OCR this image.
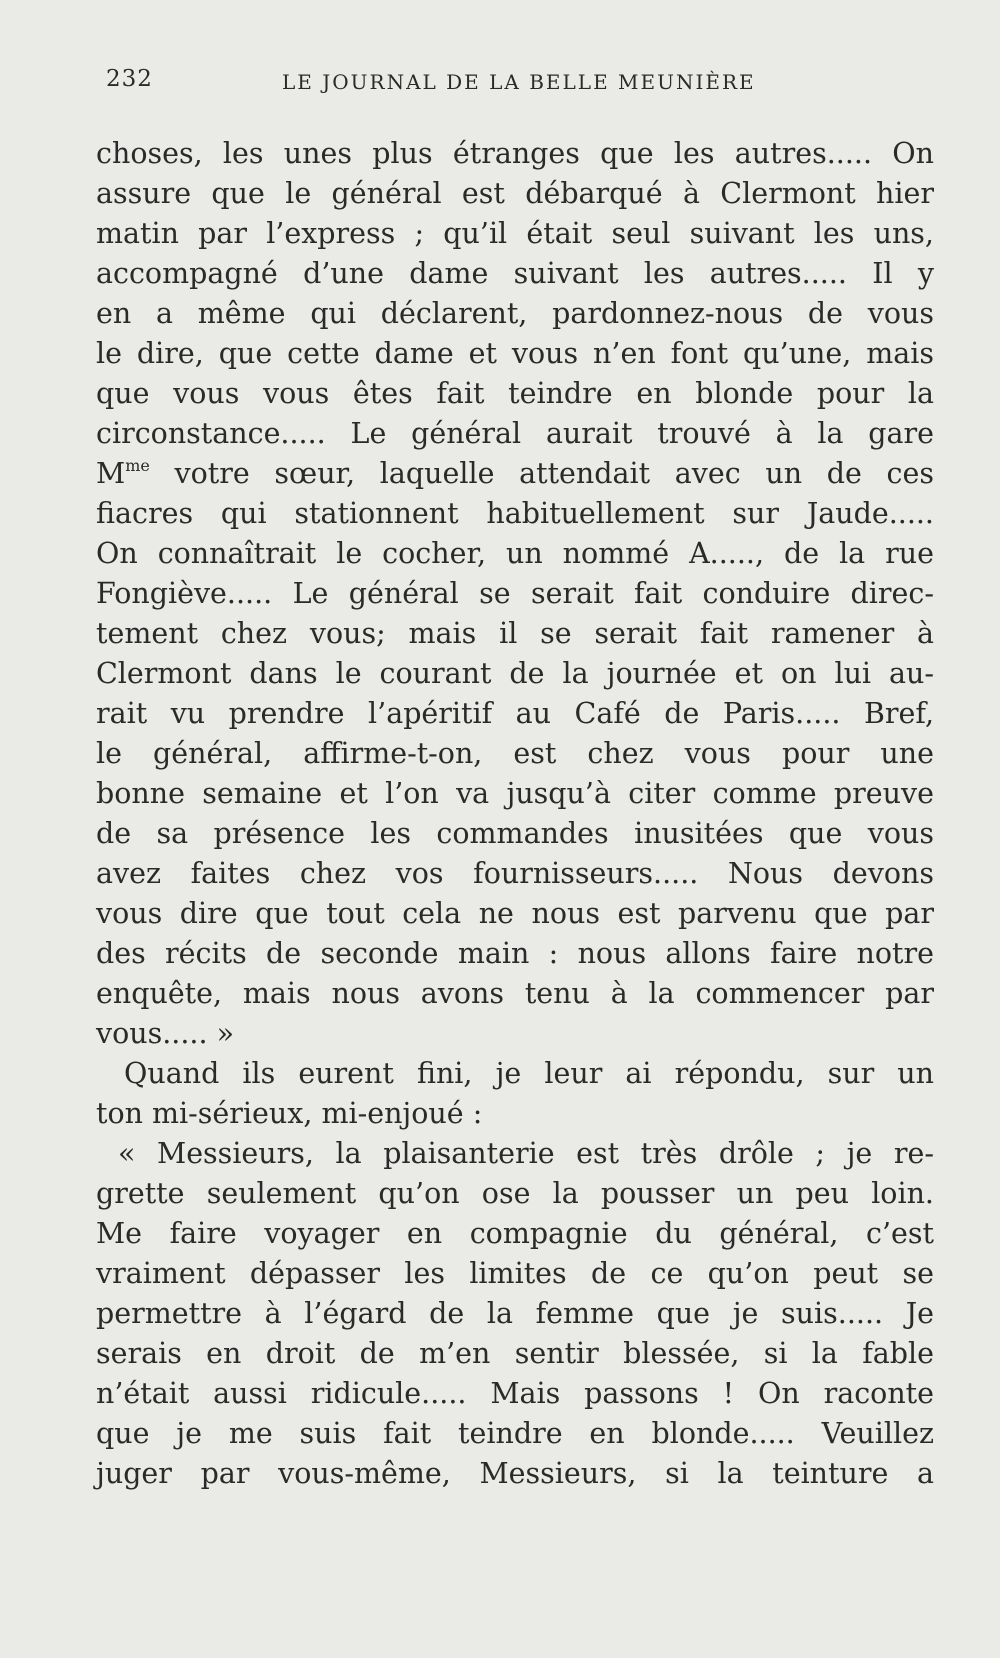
232	LE JOURNAL DE LA BELLE MEUNIÈRE
choses, les unes plus étranges que les autres..... On
assure que le général est débarqué à Clermont hier
matin par l’express ; qu’il était seul suivant les uns,
accompagné d’une dame suivant les autres..... Il y
en a même qui déclarent, pardonnez-nous de vous
le dire, que cette dame et vous n’en font qu’une, mais
que vous vous êtes fait teindre en blonde pour la
circonstance..... Le général aurait trouvé à la gare
$M^{me}$ votre sœur, laquelle attendait avec un de ces
fiacres qui stationnent habituellement sur Jaude.....
On connaîtrait le cocher, un nommé A....., de la rue
Fongiève..... Le général se serait fait conduire direc-
tement chez vous; mais il se serait fait ramener à
Clermont dans le courant de la journée et on lui au-
rait vu prendre l’apéritif au Café de Paris..... Bref,
le général, affirme-t-on, est chez vous pour une
bonne semaine et l’on va jusqu’à citer comme preuve
de sa présence les commandes inusitées que vous
avez faites chez vos fournisseurs..... Nous devons
vous dire que tout cela ne nous est parvenu que par
des récits de seconde main : nous allons faire notre
enquête, mais nous avons tenu à la commencer par
vous..... »
Quand ils eurent fini, je leur ai répondu, sur un
ton mi-sérieux, mi-enjoué :
« Messieurs, la plaisanterie est très drôle ; je re-
grette seulement qu’on ose la pousser un peu loin.
Me faire voyager en compagnie du général, c’est
vraiment dépasser les limites de ce qu’on peut se
permettre à l’égard de la femme que je suis..... Je
serais en droit de m’en sentir blessée, si la fable
n’était aussi ridicule..... Mais passons ! On raconte
que je me suis fait teindre en blonde..... Veuillez
juger par vous-même, Messieurs, si la teinture a
